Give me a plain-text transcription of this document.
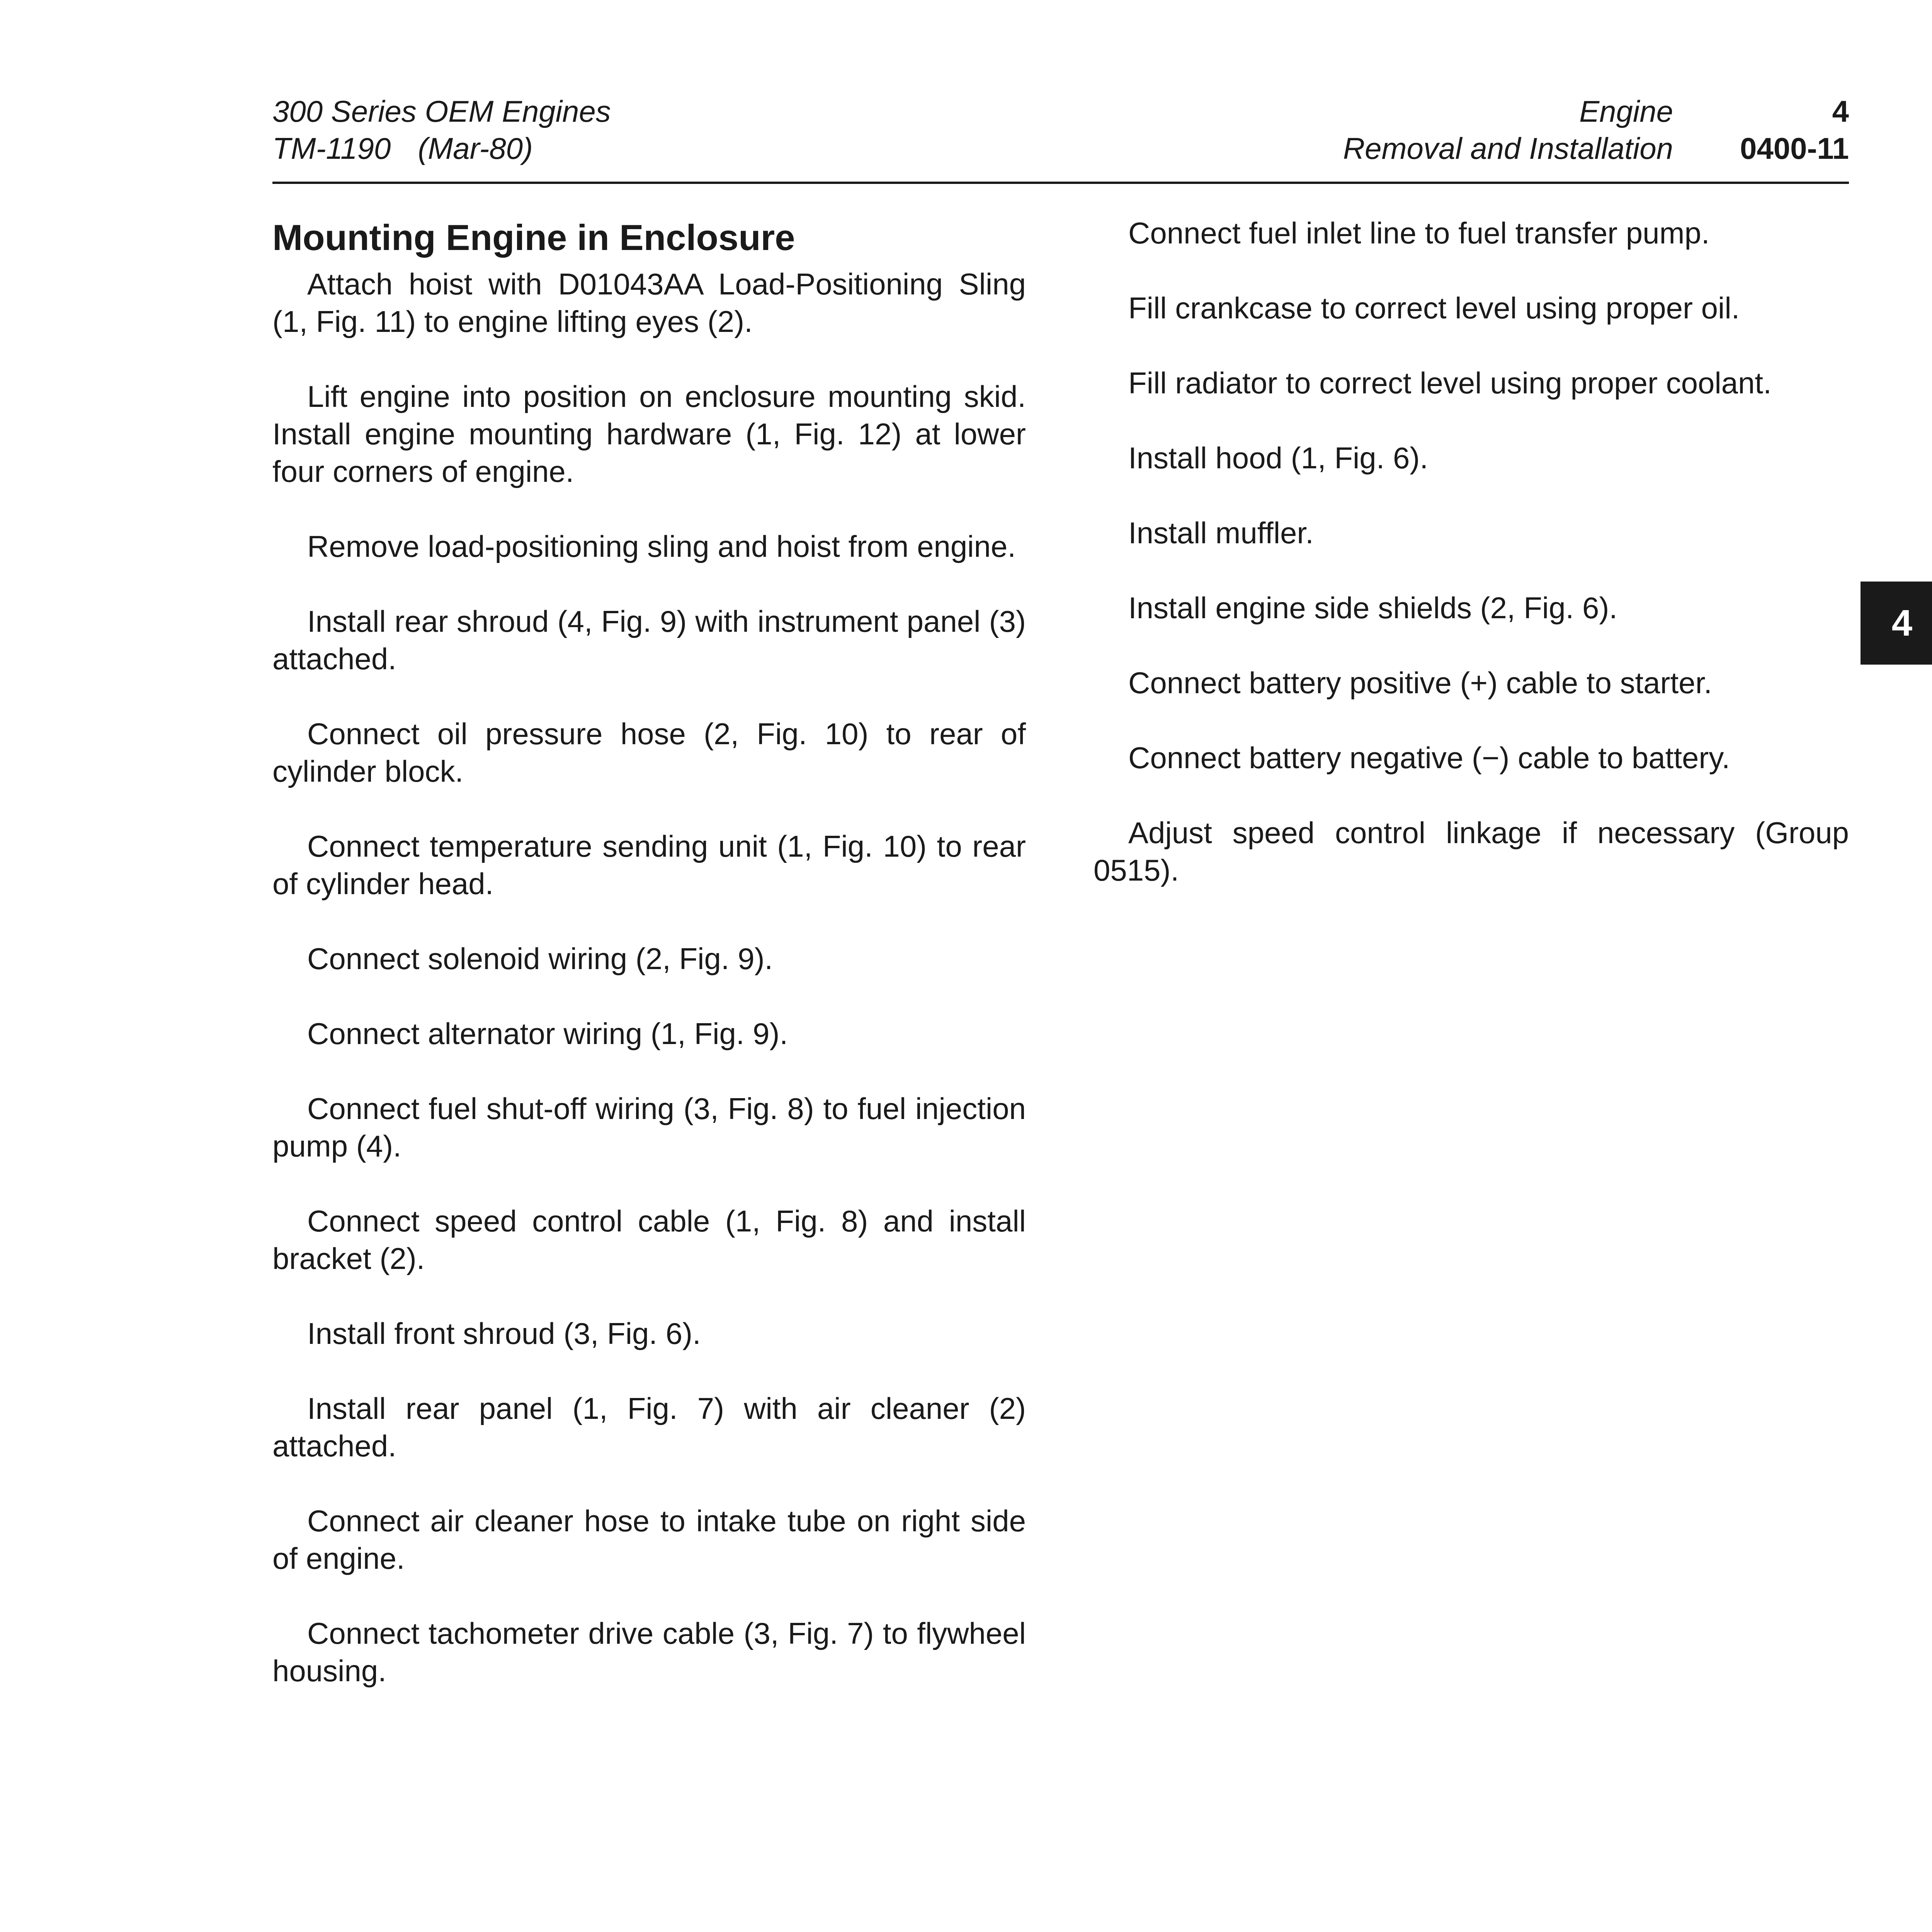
300 Series OEM Engines
TM-1190 (Mar-80)
Engine
Removal and Installation
4
0400-11
Mounting Engine in Enclosure

Attach hoist with D01043AA Load-Positioning Sling (1, Fig. 11) to engine lifting eyes (2).

Lift engine into position on enclosure mounting skid. Install engine mounting hardware (1, Fig. 12) at lower four corners of engine.

Remove load-positioning sling and hoist from engine.

Install rear shroud (4, Fig. 9) with instrument panel (3) attached.

Connect oil pressure hose (2, Fig. 10) to rear of cylinder block.

Connect temperature sending unit (1, Fig. 10) to rear of cylinder head.

Connect solenoid wiring (2, Fig. 9).

Connect alternator wiring (1, Fig. 9).

Connect fuel shut-off wiring (3, Fig. 8) to fuel injection pump (4).

Connect speed control cable (1, Fig. 8) and install bracket (2).

Install front shroud (3, Fig. 6).

Install rear panel (1, Fig. 7) with air cleaner (2) attached.

Connect air cleaner hose to intake tube on right side of engine.

Connect tachometer drive cable (3, Fig. 7) to flywheel housing.

Connect fuel inlet line to fuel transfer pump.

Fill crankcase to correct level using proper oil.

Fill radiator to correct level using proper coolant.

Install hood (1, Fig. 6).

Install muffler.

Install engine side shields (2, Fig. 6).

Connect battery positive (+) cable to starter.

Connect battery negative (−) cable to battery.

Adjust speed control linkage if necessary (Group 0515).

4
